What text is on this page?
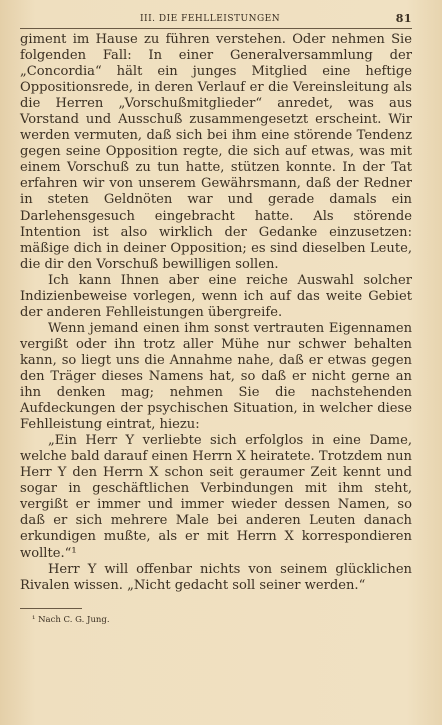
III. DIE FEHLLEISTUNGEN	81

giment im Hause zu führen verstehen. Oder nehmen Sie folgenden Fall: In einer Generalversammlung der „Concordia“ hält ein junges Mitglied eine heftige Oppositionsrede, in deren Verlauf er die Vereinsleitung als die Herren „Vorschußmitglieder“ anredet, was aus Vorstand und Ausschuß zusammengesetzt erscheint. Wir werden vermuten, daß sich bei ihm eine störende Tendenz gegen seine Opposition regte, die sich auf etwas, was mit einem Vorschuß zu tun hatte, stützen konnte. In der Tat erfahren wir von unserem Gewährsmann, daß der Redner in steten Geldnöten war und gerade damals ein Darlehensgesuch eingebracht hatte. Als störende Intention ist also wirklich der Gedanke einzusetzen: mäßige dich in deiner Opposition; es sind dieselben Leute, die dir den Vorschuß bewilligen sollen.

Ich kann Ihnen aber eine reiche Auswahl solcher Indizienbeweise vorlegen, wenn ich auf das weite Gebiet der anderen Fehlleistungen übergreife.

Wenn jemand einen ihm sonst vertrauten Eigennamen vergißt oder ihn trotz aller Mühe nur schwer behalten kann, so liegt uns die Annahme nahe, daß er etwas gegen den Träger dieses Namens hat, so daß er nicht gerne an ihn denken mag; nehmen Sie die nachstehenden Aufdeckungen der psychischen Situation, in welcher diese Fehlleistung eintrat, hiezu:

„Ein Herr Y verliebte sich erfolglos in eine Dame, welche bald darauf einen Herrn X heiratete. Trotzdem nun Herr Y den Herrn X schon seit geraumer Zeit kennt und sogar in geschäftlichen Verbindungen mit ihm steht, vergißt er immer und immer wieder dessen Namen, so daß er sich mehrere Male bei anderen Leuten danach erkundigen mußte, als er mit Herrn X korrespondieren wollte.“¹

Herr Y will offenbar nichts von seinem glücklichen Rivalen wissen. „Nicht gedacht soll seiner werden.“

¹ Nach C. G. Jung.
